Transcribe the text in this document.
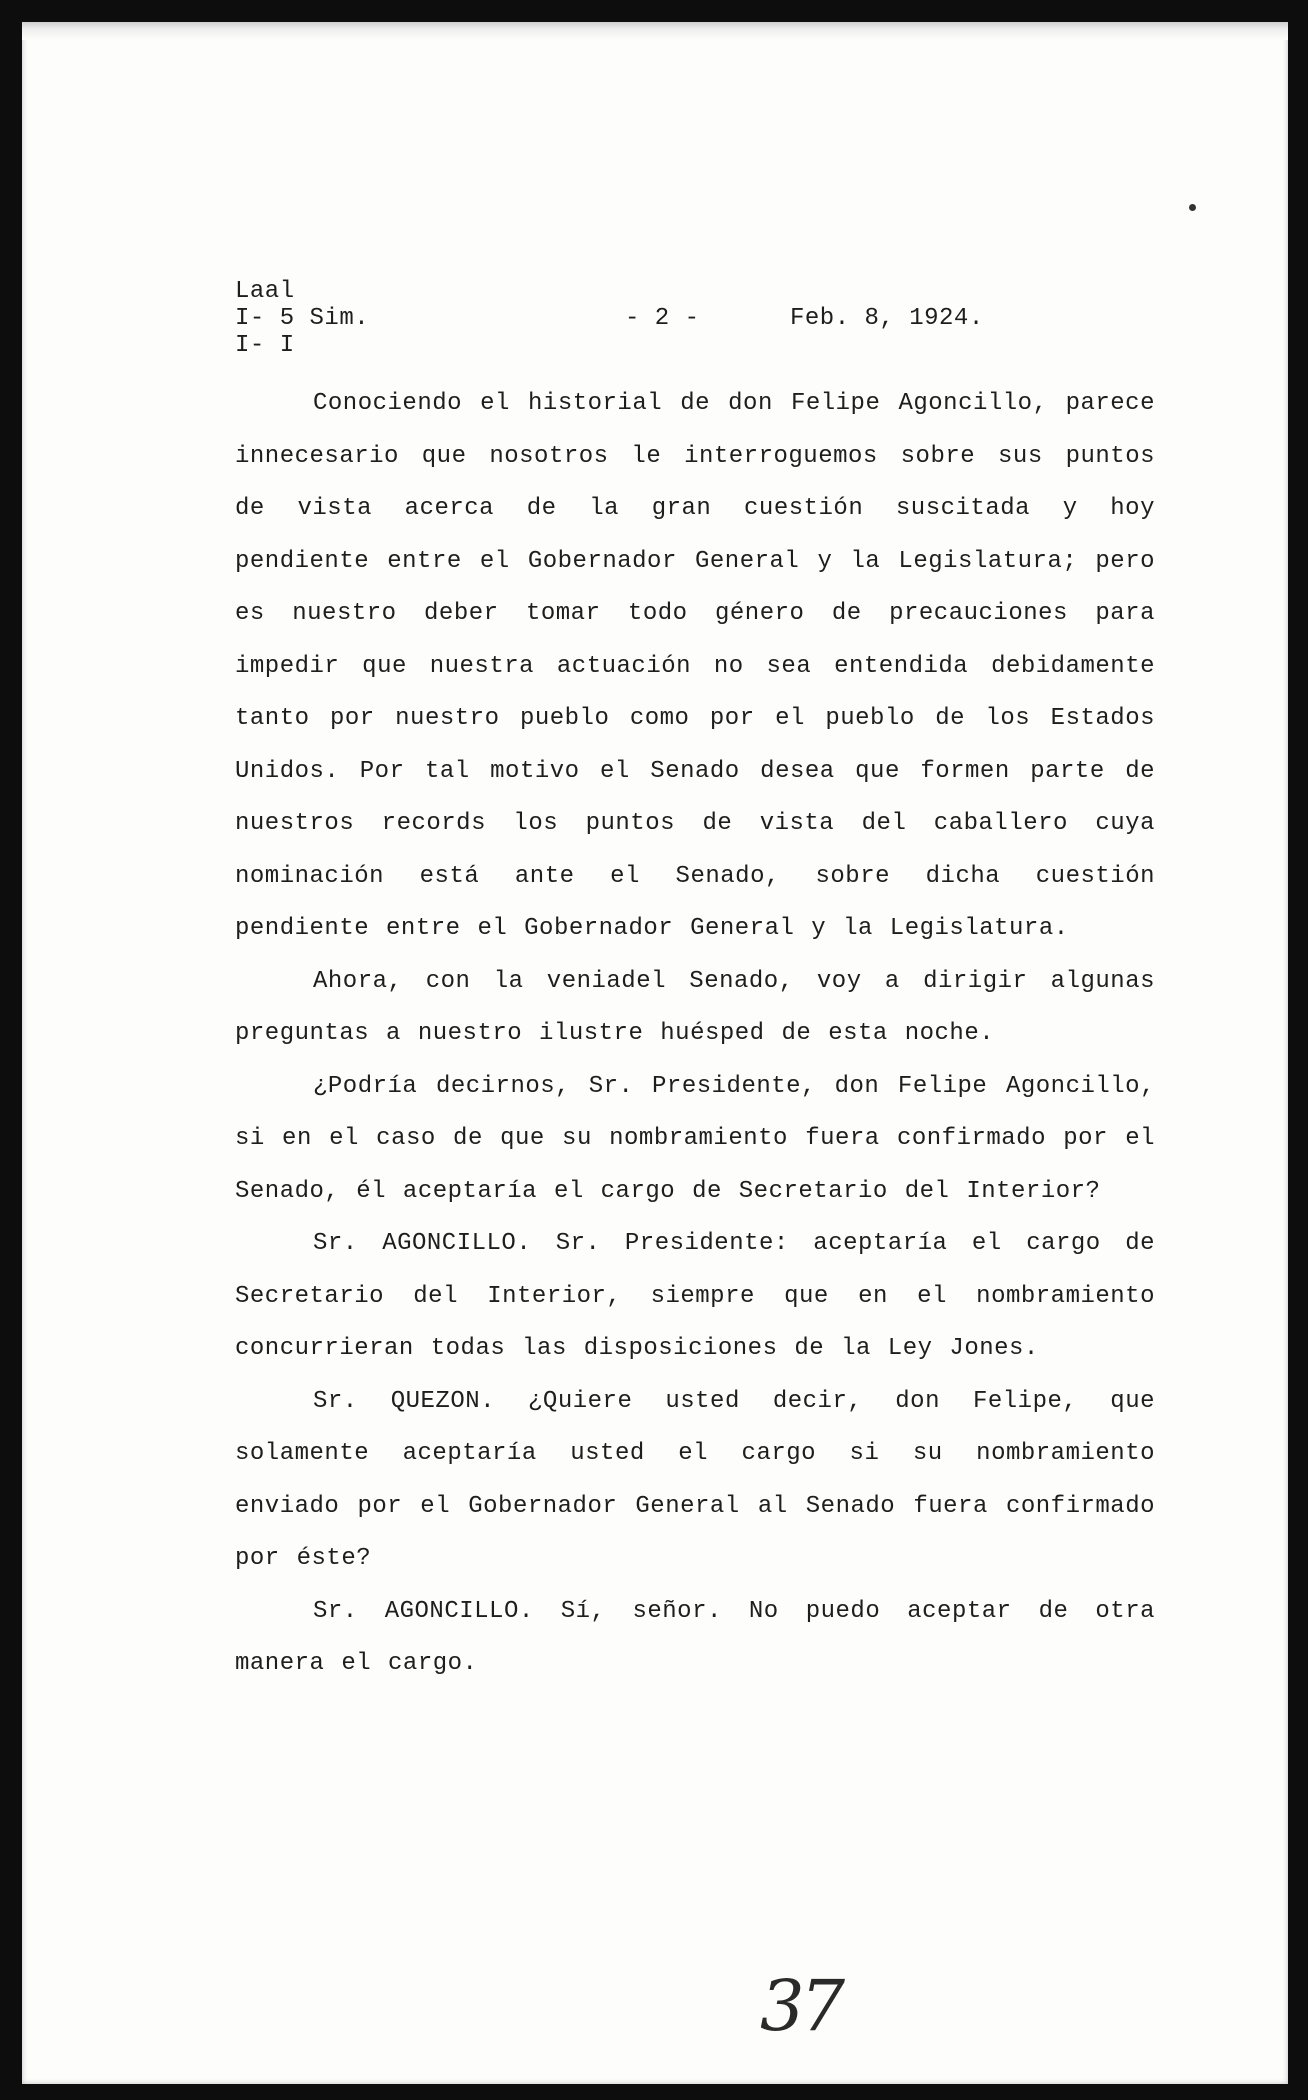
Laal
I- 5 Sim.	- 2 -	Feb. 8, 1924.
I- I

Conociendo el historial de don Felipe Agoncillo, parece innecesario que nosotros le interroguemos sobre sus puntos de vista acerca de la gran cuestión suscitada y hoy pendiente entre el Gobernador General y la Legislatura; pero es nuestro deber tomar todo género de precauciones para impedir que nuestra actuación no sea entendida debidamente tanto por nuestro pueblo como por el pueblo de los Estados Unidos. Por tal motivo el Senado desea que formen parte de nuestros records los puntos de vista del caballero cuya nominación está ante el Senado, sobre dicha cuestión pendiente entre el Gobernador General y la Legislatura.

Ahora, con la veniadel Senado, voy a dirigir algunas preguntas a nuestro ilustre huésped de esta noche.

¿Podría decirnos, Sr. Presidente, don Felipe Agoncillo, si en el caso de que su nombramiento fuera confirmado por el Senado, él aceptaría el cargo de Secretario del Interior?

Sr. AGONCILLO. Sr. Presidente: aceptaría el cargo de Secretario del Interior, siempre que en el nombramiento concurrieran todas las disposiciones de la Ley Jones.

Sr. QUEZON. ¿Quiere usted decir, don Felipe, que solamente aceptaría usted el cargo si su nombramiento enviado por el Gobernador General al Senado fuera confirmado por éste?

Sr. AGONCILLO. Sí, señor. No puedo aceptar de otra manera el cargo.

37
